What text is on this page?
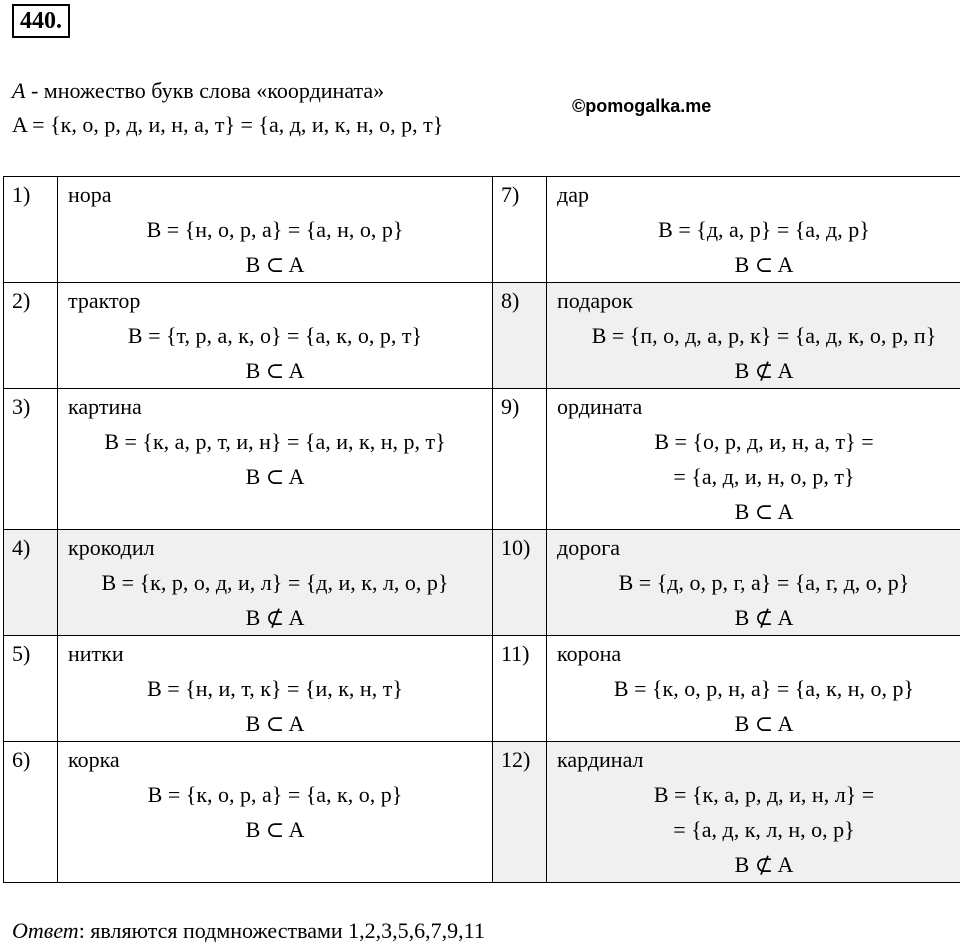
440.
A - множество букв слова «координата»
A = {к, о, р, д, и, н, а, т} = {а, д, и, к, н, о, р, т}
©pomogalka.me
1)	нора
B = {н, о, р, а} = {а, н, о, р}
B ⊂ A	7)	дар
B = {д, а, р} = {а, д, р}
B ⊂ A

2)	трактор
B = {т, р, а, к, о} = {а, к, о, р, т}
B ⊂ A	8)	подарок
B = {п, о, д, а, р, к} = {а, д, к, о, р, п}
B ⊄ A

3)	картина
B = {к, а, р, т, и, н} = {а, и, к, н, р, т}
B ⊂ A	9)	ордината
B = {о, р, д, и, н, а, т} =
= {а, д, и, н, о, р, т}
B ⊂ A

4)	крокодил
B = {к, р, о, д, и, л} = {д, и, к, л, о, р}
B ⊄ A	10)	дорога
B = {д, о, р, г, а} = {а, г, д, о, р}
B ⊄ A

5)	нитки
B = {н, и, т, к} = {и, к, н, т}
B ⊂ A	11)	корона
B = {к, о, р, н, а} = {а, к, н, о, р}
B ⊂ A

6)	корка
B = {к, о, р, а} = {а, к, о, р}
B ⊂ A	12)	кардинал
B = {к, а, р, д, и, н, л} =
= {а, д, к, л, н, о, р}
B ⊄ A
Ответ: являются подмножествами 1,2,3,5,6,7,9,11
